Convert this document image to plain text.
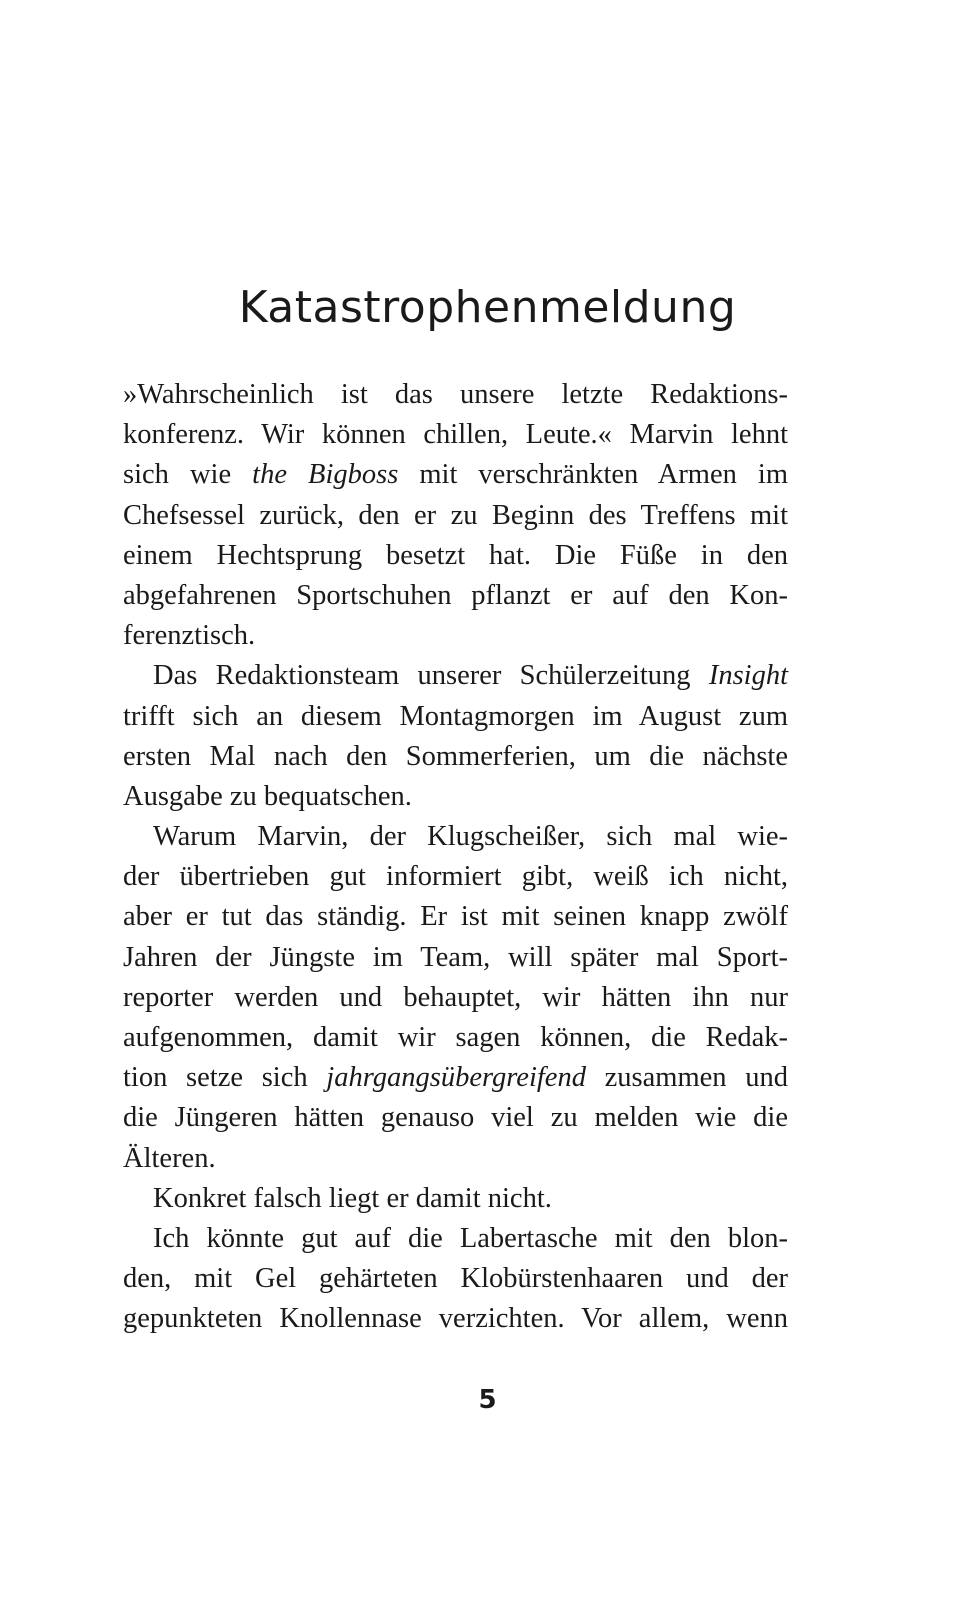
Katastrophenmeldung
»Wahrscheinlich ist das unsere letzte Redaktions-
konferenz. Wir können chillen, Leute.« Marvin lehnt
sich wie the Bigboss mit verschränkten Armen im
Chefsessel zurück, den er zu Beginn des Treffens mit
einem Hechtsprung besetzt hat. Die Füße in den
abgefahrenen Sportschuhen pflanzt er auf den Kon-
ferenztisch.
Das Redaktionsteam unserer Schülerzeitung Insight
trifft sich an diesem Montagmorgen im August zum
ersten Mal nach den Sommerferien, um die nächste
Ausgabe zu bequatschen.
Warum Marvin, der Klugscheißer, sich mal wie-
der übertrieben gut informiert gibt, weiß ich nicht,
aber er tut das ständig. Er ist mit seinen knapp zwölf
Jahren der Jüngste im Team, will später mal Sport-
reporter werden und behauptet, wir hätten ihn nur
aufgenommen, damit wir sagen können, die Redak-
tion setze sich jahrgangsübergreifend zusammen und
die Jüngeren hätten genauso viel zu melden wie die
Älteren.
Konkret falsch liegt er damit nicht.
Ich könnte gut auf die Labertasche mit den blon-
den, mit Gel gehärteten Klobürstenhaaren und der
gepunkteten Knollennase verzichten. Vor allem, wenn
5
